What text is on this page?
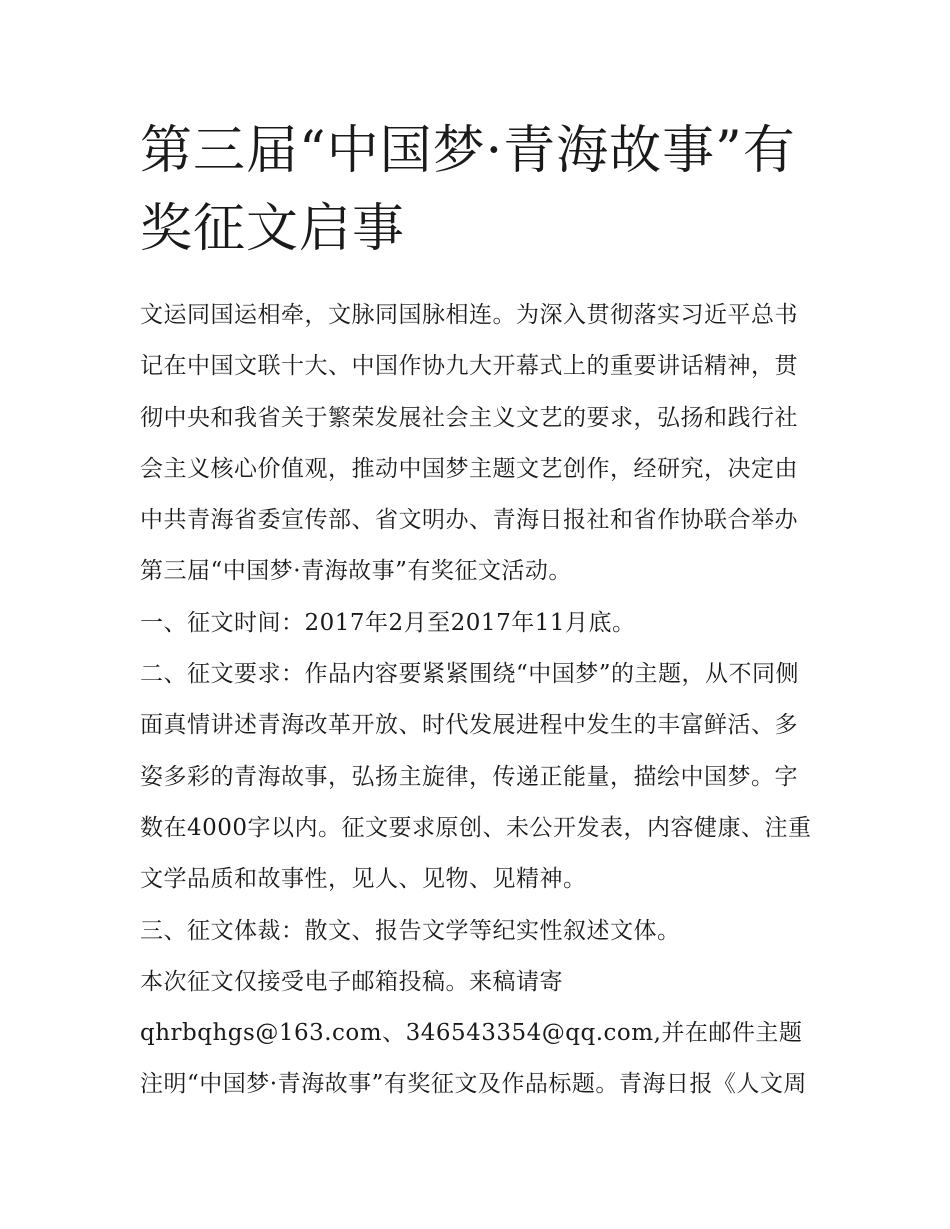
第三届“中国梦·青海故事”有奖征文启事

文运同国运相牵，文脉同国脉相连。为深入贯彻落实习近平总书记在中国文联十大、中国作协九大开幕式上的重要讲话精神，贯彻中央和我省关于繁荣发展社会主义文艺的要求，弘扬和践行社会主义核心价值观，推动中国梦主题文艺创作，经研究，决定由中共青海省委宣传部、省文明办、青海日报社和省作协联合举办第三届“中国梦·青海故事”有奖征文活动。

一、征文时间：2017年2月至2017年11月底。

二、征文要求：作品内容要紧紧围绕“中国梦”的主题，从不同侧面真情讲述青海改革开放、时代发展进程中发生的丰富鲜活、多姿多彩的青海故事，弘扬主旋律，传递正能量，描绘中国梦。字数在4000字以内。征文要求原创、未公开发表，内容健康、注重文学品质和故事性，见人、见物、见精神。

三、征文体裁：散文、报告文学等纪实性叙述文体。

本次征文仅接受电子邮箱投稿。来稿请寄
qhrbqhgs@163.com、346543354@qq.com,并在邮件主题注明“中国梦·青海故事”有奖征文及作品标题。青海日报《人文周
